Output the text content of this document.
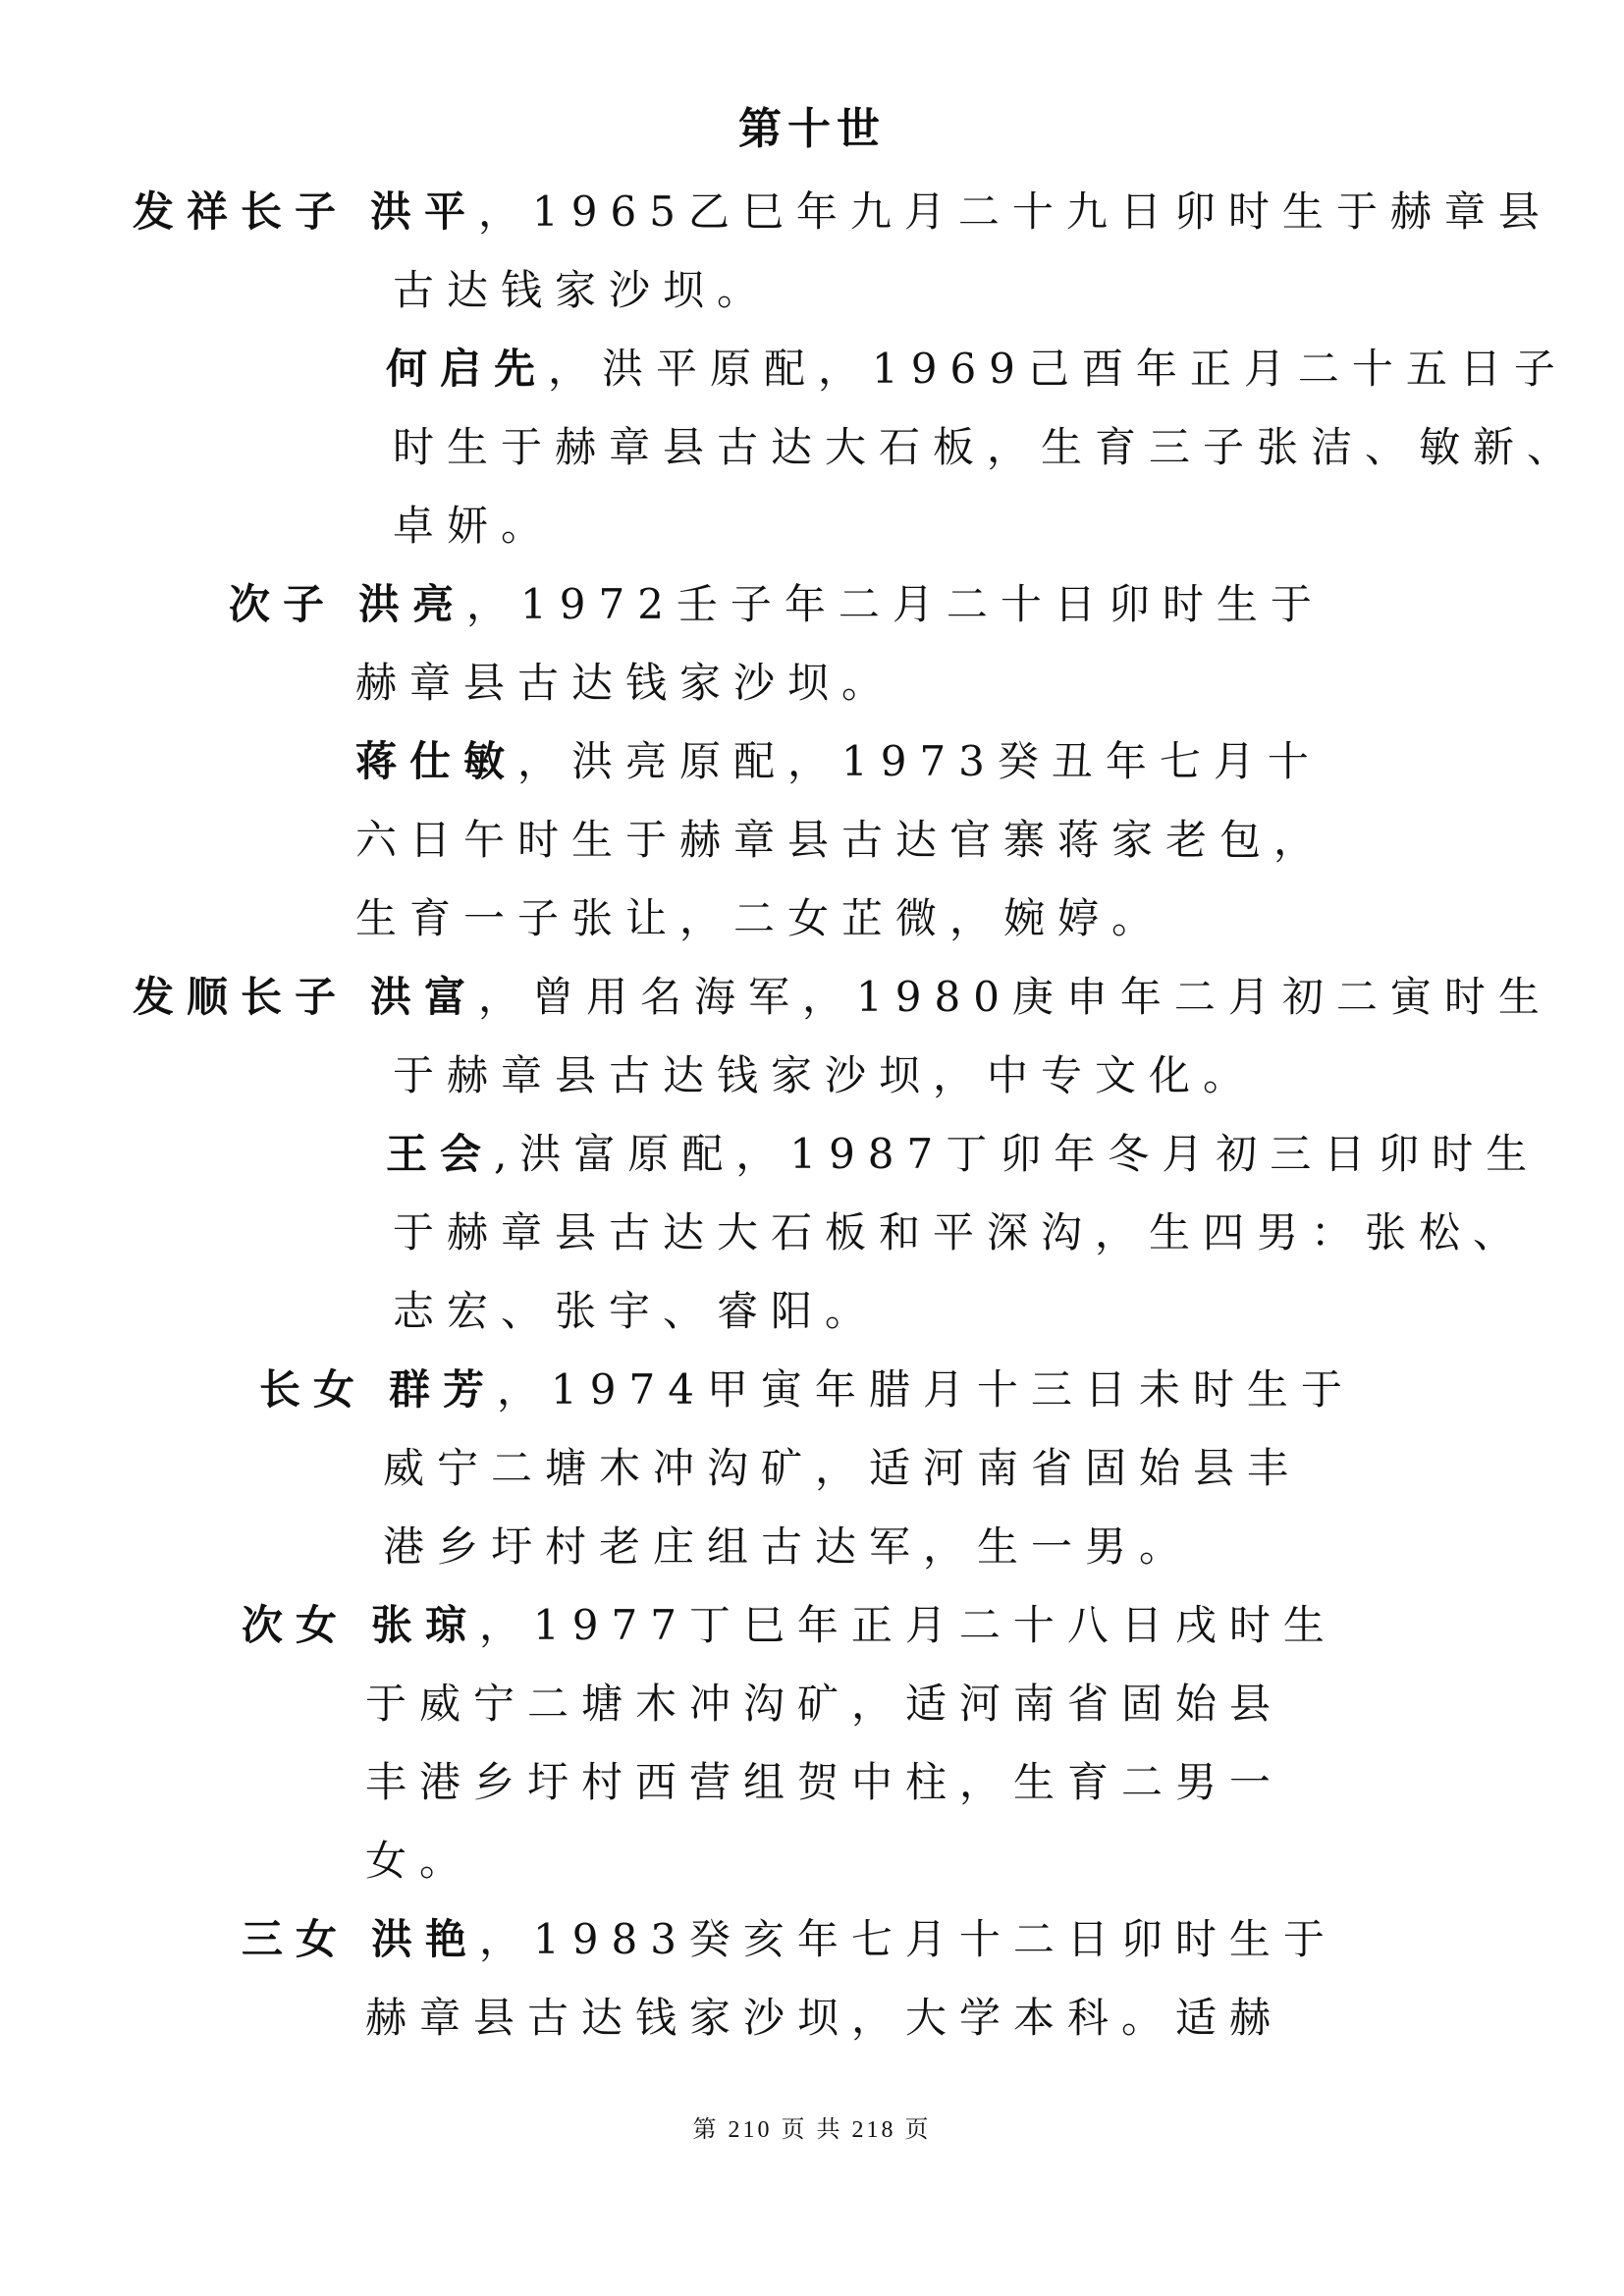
第十世
发祥长子 洪平，1965乙巳年九月二十九日卯时生于赫章县
古达钱家沙坝。
何启先，洪平原配，1969己酉年正月二十五日子
时生于赫章县古达大石板，生育三子张洁、敏新、
卓妍。
次子 洪亮，1972壬子年二月二十日卯时生于
赫章县古达钱家沙坝。
蒋仕敏，洪亮原配，1973癸丑年七月十
六日午时生于赫章县古达官寨蒋家老包，
生育一子张让，二女芷微，婉婷。
发顺长子 洪富，曾用名海军，1980庚申年二月初二寅时生
于赫章县古达钱家沙坝，中专文化。
王会,洪富原配，1987丁卯年冬月初三日卯时生
于赫章县古达大石板和平深沟，生四男：张松、
志宏、张宇、睿阳。
长女 群芳，1974甲寅年腊月十三日未时生于
威宁二塘木冲沟矿，适河南省固始县丰
港乡圩村老庄组古达军，生一男。
次女 张琼，1977丁巳年正月二十八日戌时生
于威宁二塘木冲沟矿，适河南省固始县
丰港乡圩村西营组贺中柱，生育二男一
女。
三女 洪艳，1983癸亥年七月十二日卯时生于
赫章县古达钱家沙坝，大学本科。适赫
第 210 页 共 218 页
